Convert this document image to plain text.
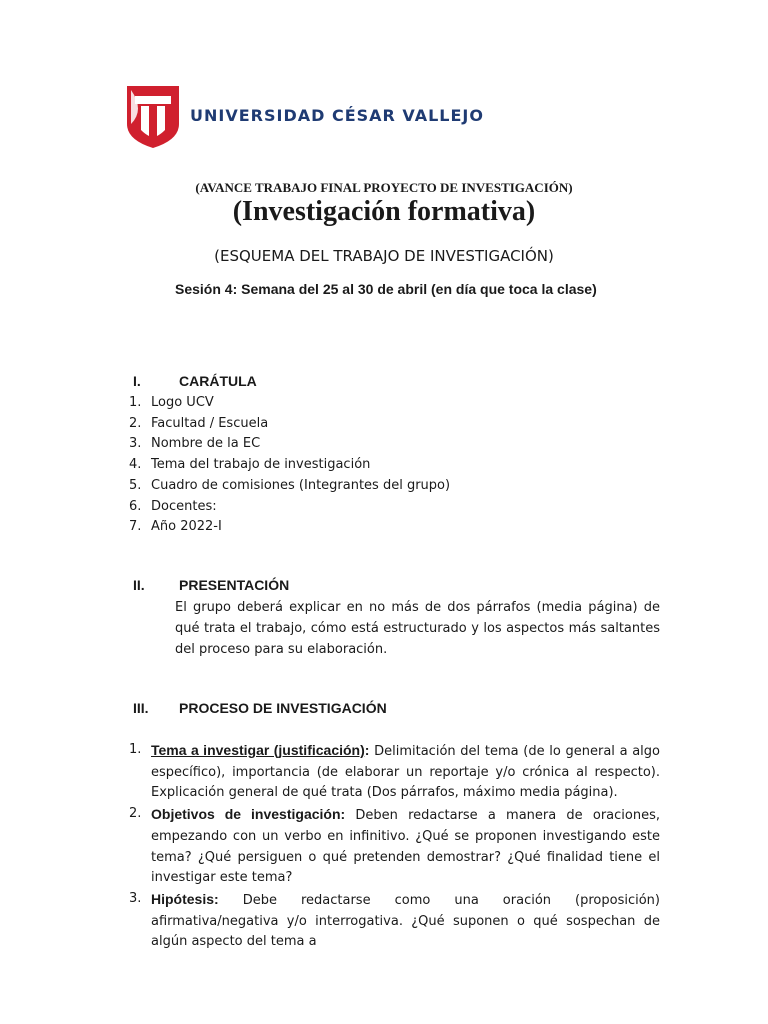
UNIVERSIDAD CÉSAR VALLEJO
(AVANCE TRABAJO FINAL PROYECTO DE INVESTIGACIÓN)
(Investigación formativa)
(ESQUEMA DEL TRABAJO DE INVESTIGACIÓN)
Sesión 4: Semana del 25 al 30 de abril (en día que toca la clase)
I.	CARÁTULA
1. Logo UCV
2. Facultad / Escuela
3. Nombre de la EC
4. Tema del trabajo de investigación
5. Cuadro de comisiones (Integrantes del grupo)
6. Docentes:
7. Año 2022-I
II. PRESENTACIÓN
El grupo deberá explicar en no más de dos párrafos (media página) de qué trata el trabajo, cómo está estructurado y los aspectos más saltantes del proceso para su elaboración.
III. PROCESO DE INVESTIGACIÓN
1. Tema a investigar (justificación): Delimitación del tema (de lo general a algo específico), importancia (de elaborar un reportaje y/o crónica al respecto). Explicación general de qué trata (Dos párrafos, máximo media página).
2. Objetivos de investigación: Deben redactarse a manera de oraciones, empezando con un verbo en infinitivo. ¿Qué se proponen investigando este tema? ¿Qué persiguen o qué pretenden demostrar? ¿Qué finalidad tiene el investigar este tema?
3. Hipótesis: Debe redactarse como una oración (proposición) afirmativa/negativa y/o interrogativa. ¿Qué suponen o qué sospechan de algún aspecto del tema a
